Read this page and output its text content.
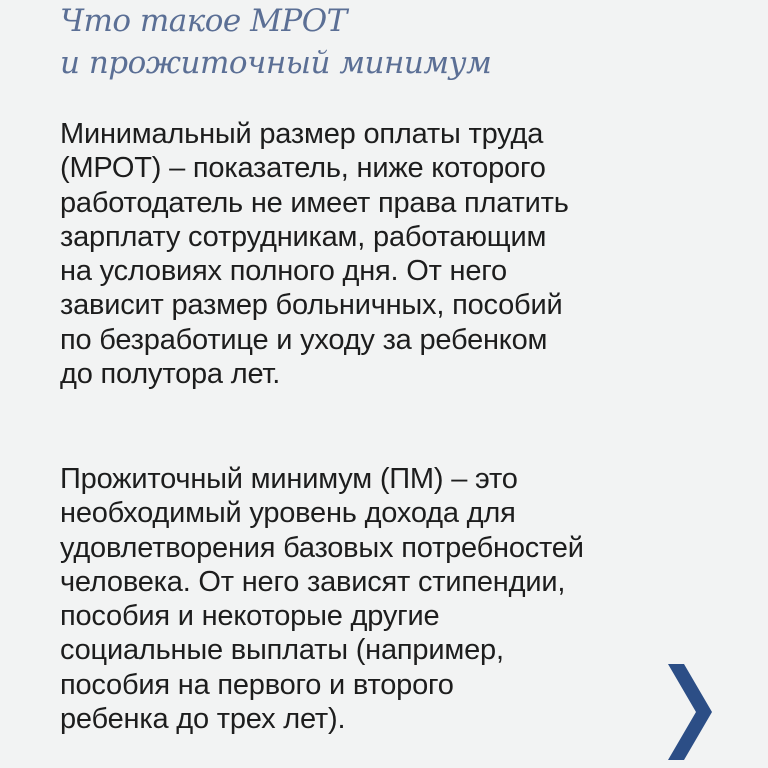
Что такое МРОТ
и прожиточный минимум
Минимальный размер оплаты труда
(МРОТ) – показатель, ниже которого
работодатель не имеет права платить
зарплату сотрудникам, работающим
на условиях полного дня. От него
зависит размер больничных, пособий
по безработице и уходу за ребенком
до полутора лет.
Прожиточный минимум (ПМ) – это
необходимый уровень дохода для
удовлетворения базовых потребностей
человека. От него зависят стипендии,
пособия и некоторые другие
социальные выплаты (например,
пособия на первого и второго
ребенка до трех лет).
